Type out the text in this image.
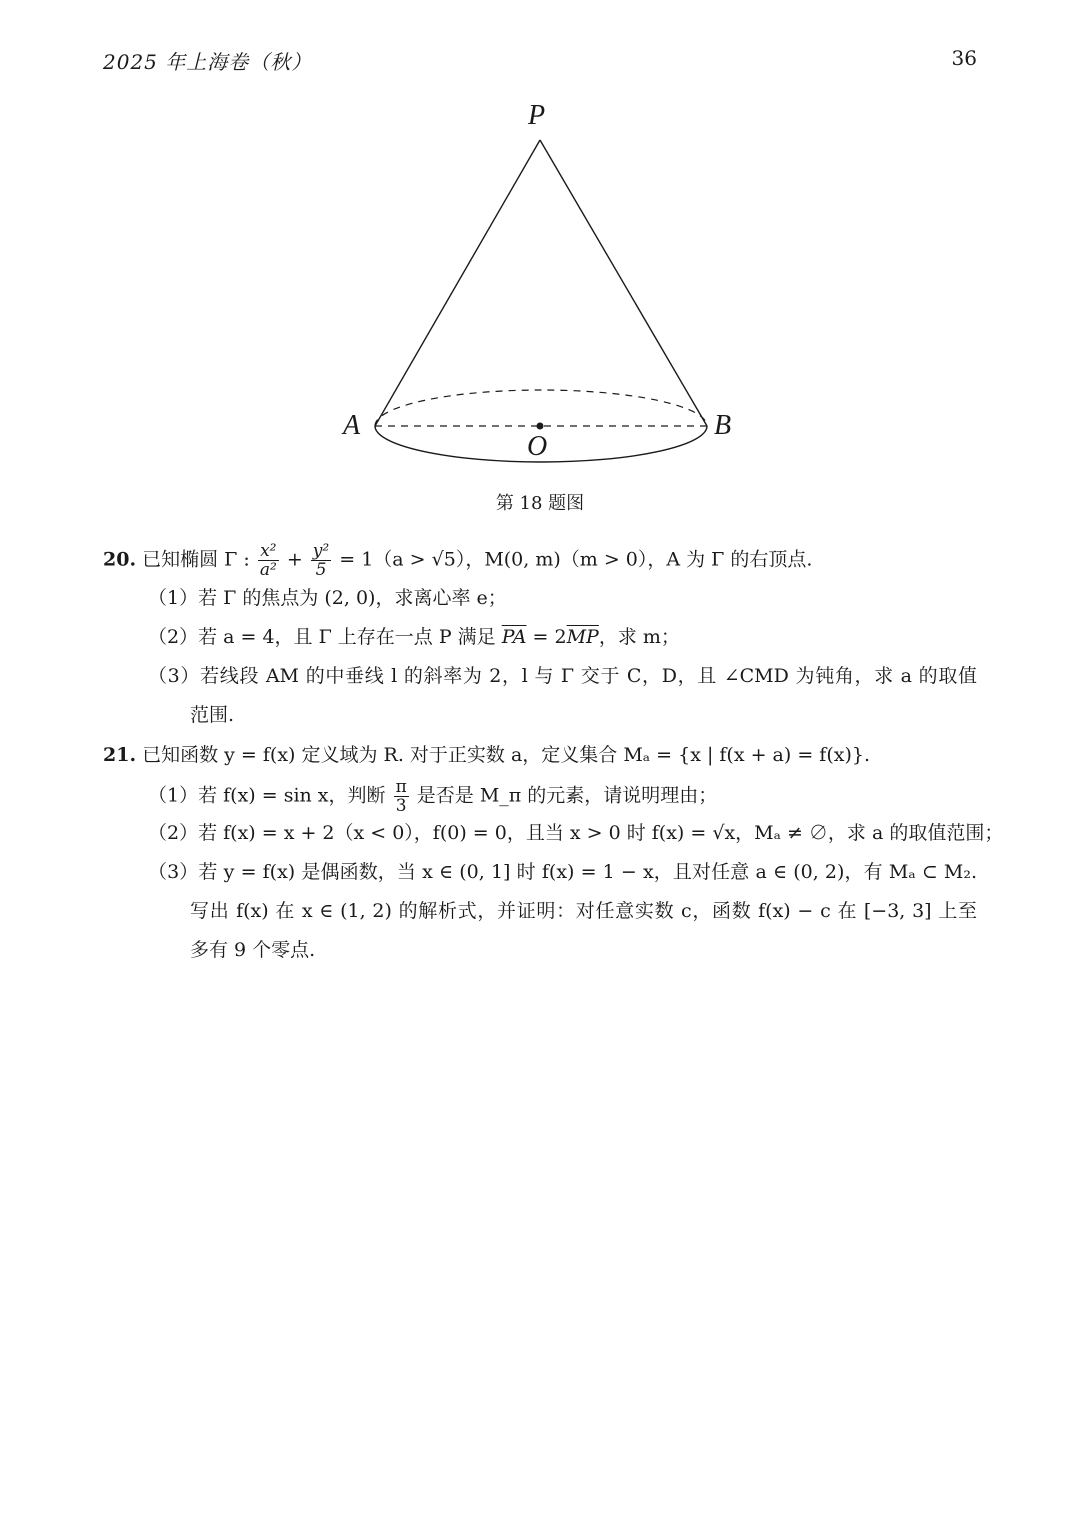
2025 年上海卷（秋）	36
P
A	B
O
第 18 题图
20. 已知椭圆 Γ : $\frac{\text{x²}}{\text{a²}} + \frac{\text{y²}}{5} = 1(a > √5)$，M(0, m)（m > 0），A 为 Γ 的右顶点.
（1）若 Γ 的焦点为 (2, 0)，求离心率 e；
（2）若 a = 4，且 Γ 上存在一点 P 满足 $\overline{PA} = 2\overline{MP}$，求 m；
（3）若线段 AM 的中垂线 l 的斜率为 2，l 与 Γ 交于 C，D，且 ∠CMD 为钝角，求 a 的取值
范围.
21. 已知函数 y = f(x) 定义域为 R. 对于正实数 a，定义集合 Mₐ = {x | f(x + a) = f(x)}.
（1）若 f(x) = sin x，判断 $\frac{\pi}{3}$ 是否是 M_π 的元素，请说明理由；
（2）若 f(x) = x + 2（x < 0），f(0) = 0，且当 x > 0 时 f(x) = √x，Mₐ ≠ ∅，求 a 的取值范围；
（3）若 y = f(x) 是偶函数，当 x ∈ (0, 1] 时 f(x) = 1 − x，且对任意 a ∈ (0, 2)，有 Mₐ ⊂ M₂.
写出 f(x) 在 x ∈ (1, 2) 的解析式，并证明：对任意实数 c，函数 f(x) − c 在 [−3, 3] 上至
多有 9 个零点.
